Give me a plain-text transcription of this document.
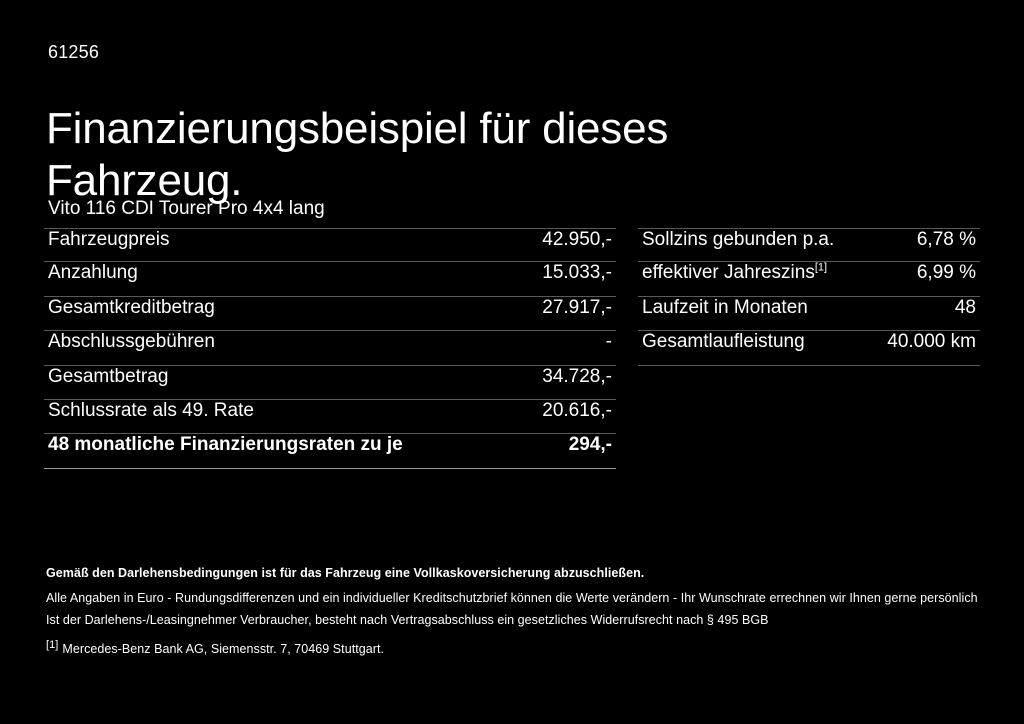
61256
Finanzierungsbeispiel für dieses Fahrzeug.
Vito 116 CDI Tourer Pro 4x4 lang
Fahrzeugpreis	42.950,-
Anzahlung	15.033,-
Gesamtkreditbetrag	27.917,-
Abschlussgebühren	-
Gesamtbetrag	34.728,-
Schlussrate als 49. Rate	20.616,-
48 monatliche Finanzierungsraten zu je	294,-
Sollzins gebunden p.a.	6,78 %
effektiver Jahreszins[1]	6,99 %
Laufzeit in Monaten	48
Gesamtlaufleistung	40.000 km
Gemäß den Darlehensbedingungen ist für das Fahrzeug eine Vollkaskoversicherung abzuschließen.
Alle Angaben in Euro - Rundungsdifferenzen und ein individueller Kreditschutzbrief können die Werte verändern - Ihr Wunschrate errechnen wir Ihnen gerne persönlich
Ist der Darlehens-/Leasingnehmer Verbraucher, besteht nach Vertragsabschluss ein gesetzliches Widerrufsrecht nach § 495 BGB
[1] Mercedes-Benz Bank AG, Siemensstr. 7, 70469 Stuttgart.
